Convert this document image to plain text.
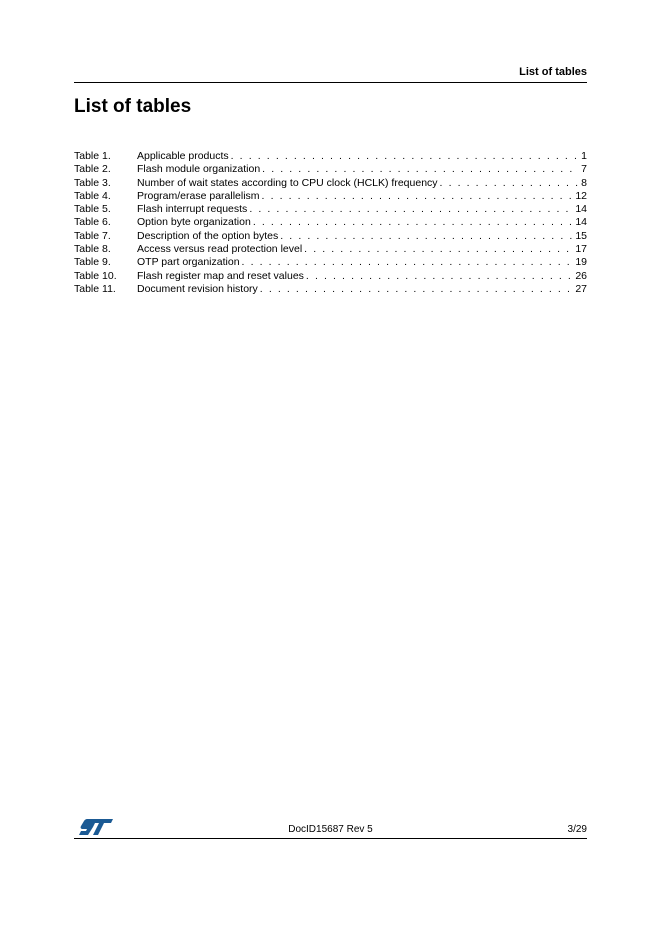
List of tables
List of tables
Table 1.	Applicable products . . .	1
Table 2.	Flash module organization . . .	7
Table 3.	Number of wait states according to CPU clock (HCLK) frequency . . .	8
Table 4.	Program/erase parallelism . . .	12
Table 5.	Flash interrupt requests . . .	14
Table 6.	Option byte organization . . .	14
Table 7.	Description of the option bytes . . .	15
Table 8.	Access versus read protection level . . .	17
Table 9.	OTP part organization . . .	19
Table 10.	Flash register map and reset values . . .	26
Table 11.	Document revision history . . .	27
DocID15687 Rev 5	3/29
